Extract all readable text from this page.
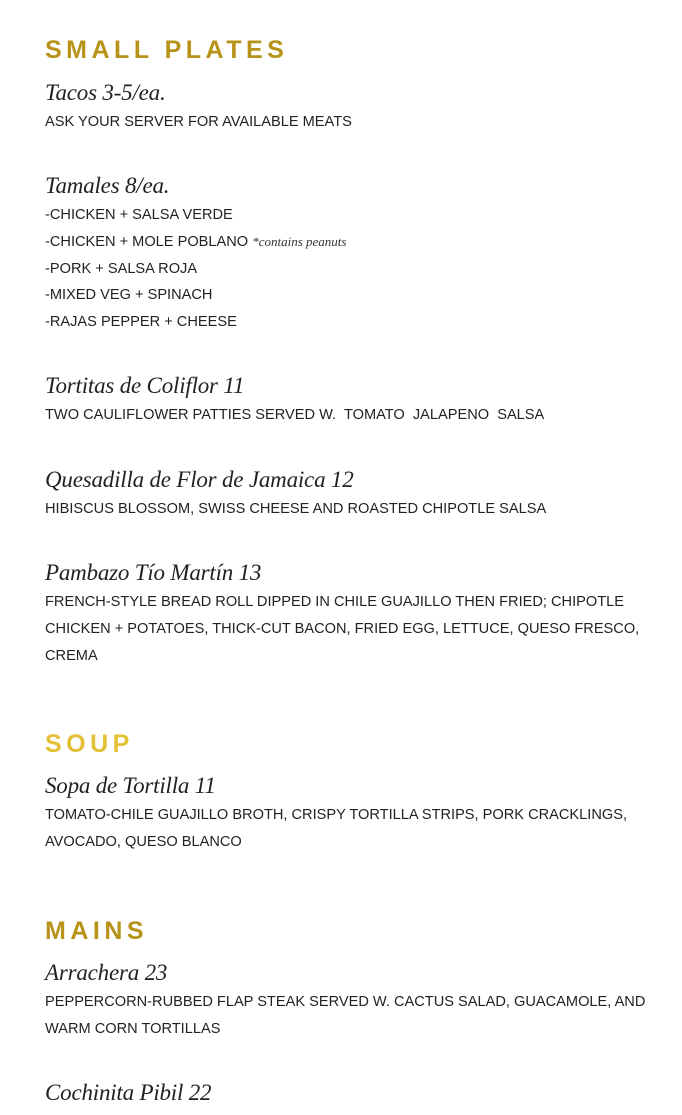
SMALL PLATES

Tacos 3-5/ea.

ASK YOUR SERVER FOR AVAILABLE MEATS

Tamales 8/ea.

-CHICKEN + SALSA VERDE
-CHICKEN + MOLE POBLANO *contains peanuts
-PORK + SALSA ROJA
-MIXED VEG + SPINACH
-RAJAS PEPPER + CHEESE

Tortitas de Coliflor 11

TWO CAULIFLOWER PATTIES SERVED W.  TOMATO  JALAPENO  SALSA

Quesadilla de Flor de Jamaica 12

HIBISCUS BLOSSOM, SWISS CHEESE AND ROASTED CHIPOTLE SALSA

Pambazo Tío Martín 13

FRENCH-STYLE BREAD ROLL DIPPED IN CHILE GUAJILLO THEN FRIED; CHIPOTLE
CHICKEN + POTATOES, THICK-CUT BACON, FRIED EGG, LETTUCE, QUESO FRESCO,
CREMA

SOUP

Sopa de Tortilla 11

TOMATO-CHILE GUAJILLO BROTH, CRISPY TORTILLA STRIPS, PORK CRACKLINGS,
AVOCADO, QUESO BLANCO

MAINS

Arrachera 23

PEPPERCORN-RUBBED FLAP STEAK SERVED W. CACTUS SALAD, GUACAMOLE, AND
WARM CORN TORTILLAS

Cochinita Pibil 22
